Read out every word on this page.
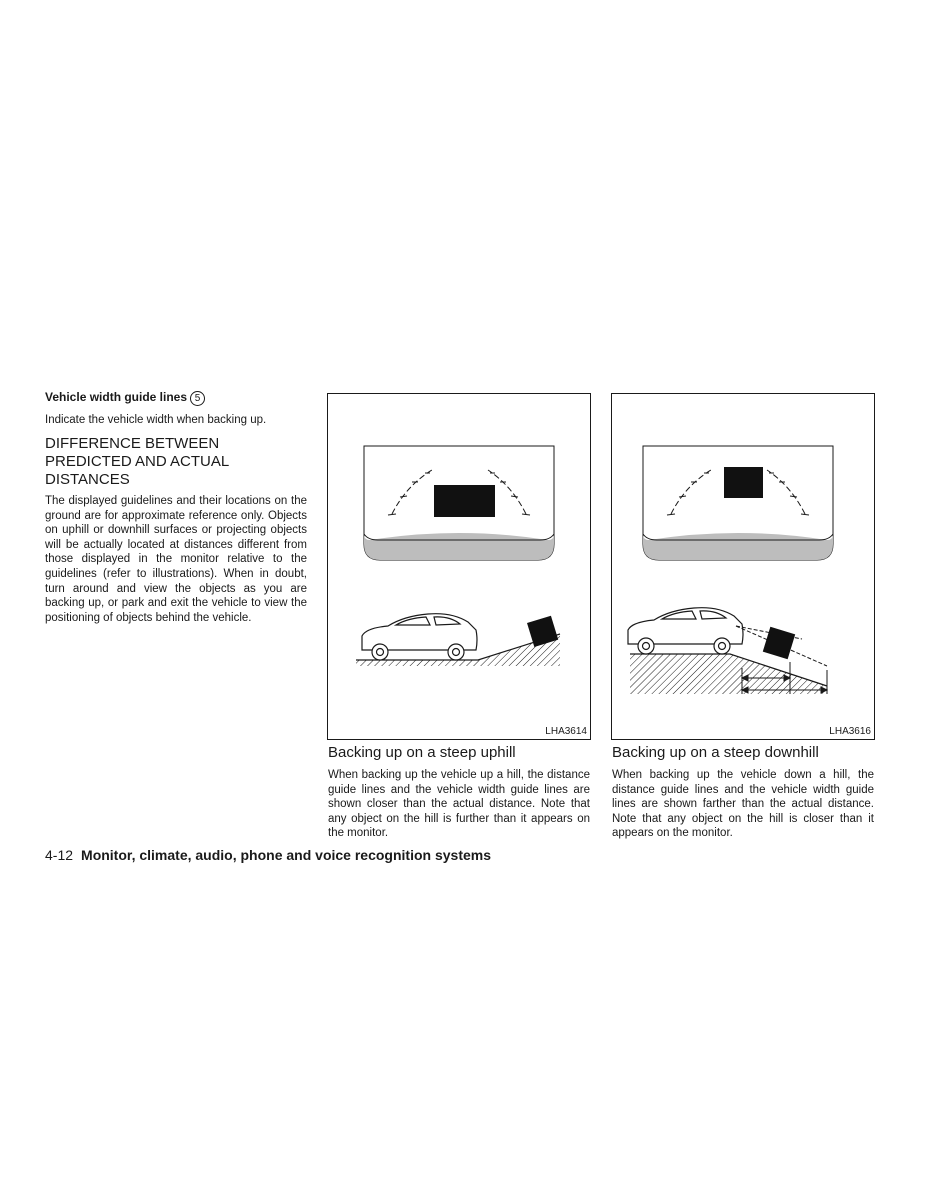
Vehicle width guide lines 5
Indicate the vehicle width when backing up.
DIFFERENCE BETWEEN
PREDICTED AND ACTUAL
DISTANCES
The displayed guidelines and their locations on the ground are for approximate reference only. Objects on uphill or downhill surfaces or projecting objects will be actually located at distances different from those displayed in the monitor relative to the guidelines (refer to illustrations). When in doubt, turn around and view the objects as you are backing up, or park and exit the vehicle to view the positioning of objects behind the vehicle.
LHA3614
Backing up on a steep uphill
When backing up the vehicle up a hill, the distance guide lines and the vehicle width guide lines are shown closer than the actual distance. Note that any object on the hill is further than it appears on the monitor.
LHA3616
Backing up on a steep downhill
When backing up the vehicle down a hill, the distance guide lines and the vehicle width guide lines are shown farther than the actual distance. Note that any object on the hill is closer than it appears on the monitor.
4-12 Monitor, climate, audio, phone and voice recognition systems
